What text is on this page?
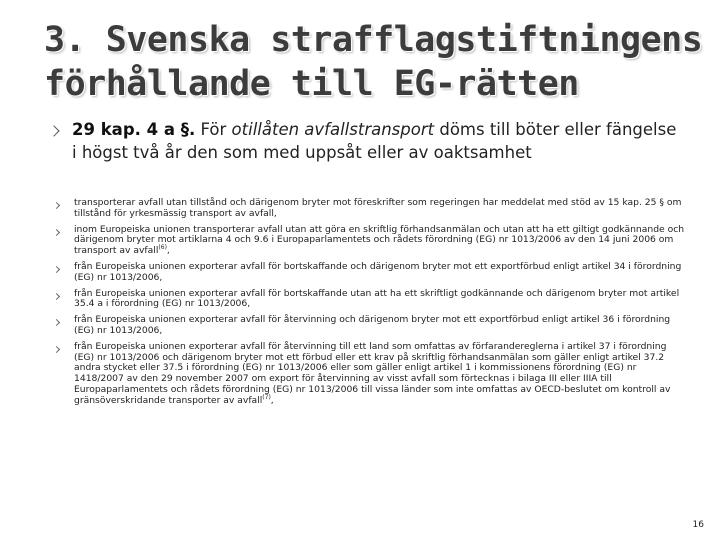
3. Svenska strafflagstiftningens
förhållande till EG-rätten
29 kap. 4 a §. För otillåten avfallstransport döms till böter eller fängelse i högst två år den som med uppsåt eller av oaktsamhet
transporterar avfall utan tillstånd och därigenom bryter mot föreskrifter som regeringen har meddelat med stöd av 15 kap. 25 § om tillstånd för yrkesmässig transport av avfall,
inom Europeiska unionen transporterar avfall utan att göra en skriftlig förhandsanmälan och utan att ha ett giltigt godkännande och därigenom bryter mot artiklarna 4 och 9.6 i Europaparlamentets och rådets förordning (EG) nr 1013/2006 av den 14 juni 2006 om transport av avfall$^{(6)}$,
från Europeiska unionen exporterar avfall för bortskaffande och därigenom bryter mot ett exportförbud enligt artikel 34 i förordning (EG) nr 1013/2006,
från Europeiska unionen exporterar avfall för bortskaffande utan att ha ett skriftligt godkännande och därigenom bryter mot artikel 35.4 a i förordning (EG) nr 1013/2006,
från Europeiska unionen exporterar avfall för återvinning och därigenom bryter mot ett exportförbud enligt artikel 36 i förordning (EG) nr 1013/2006,
från Europeiska unionen exporterar avfall för återvinning till ett land som omfattas av förfarandereglerna i artikel 37 i förordning (EG) nr 1013/2006 och därigenom bryter mot ett förbud eller ett krav på skriftlig förhandsanmälan som gäller enligt artikel 37.2 andra stycket eller 37.5 i förordning (EG) nr 1013/2006 eller som gäller enligt artikel 1 i kommissionens förordning (EG) nr 1418/2007 av den 29 november 2007 om export för återvinning av visst avfall som förtecknas i bilaga III eller IIIA till Europaparlamentets och rådets förordning (EG) nr 1013/2006 till vissa länder som inte omfattas av OECD-beslutet om kontroll av gränsöverskridande transporter av avfall$^{(7)}$,
16
